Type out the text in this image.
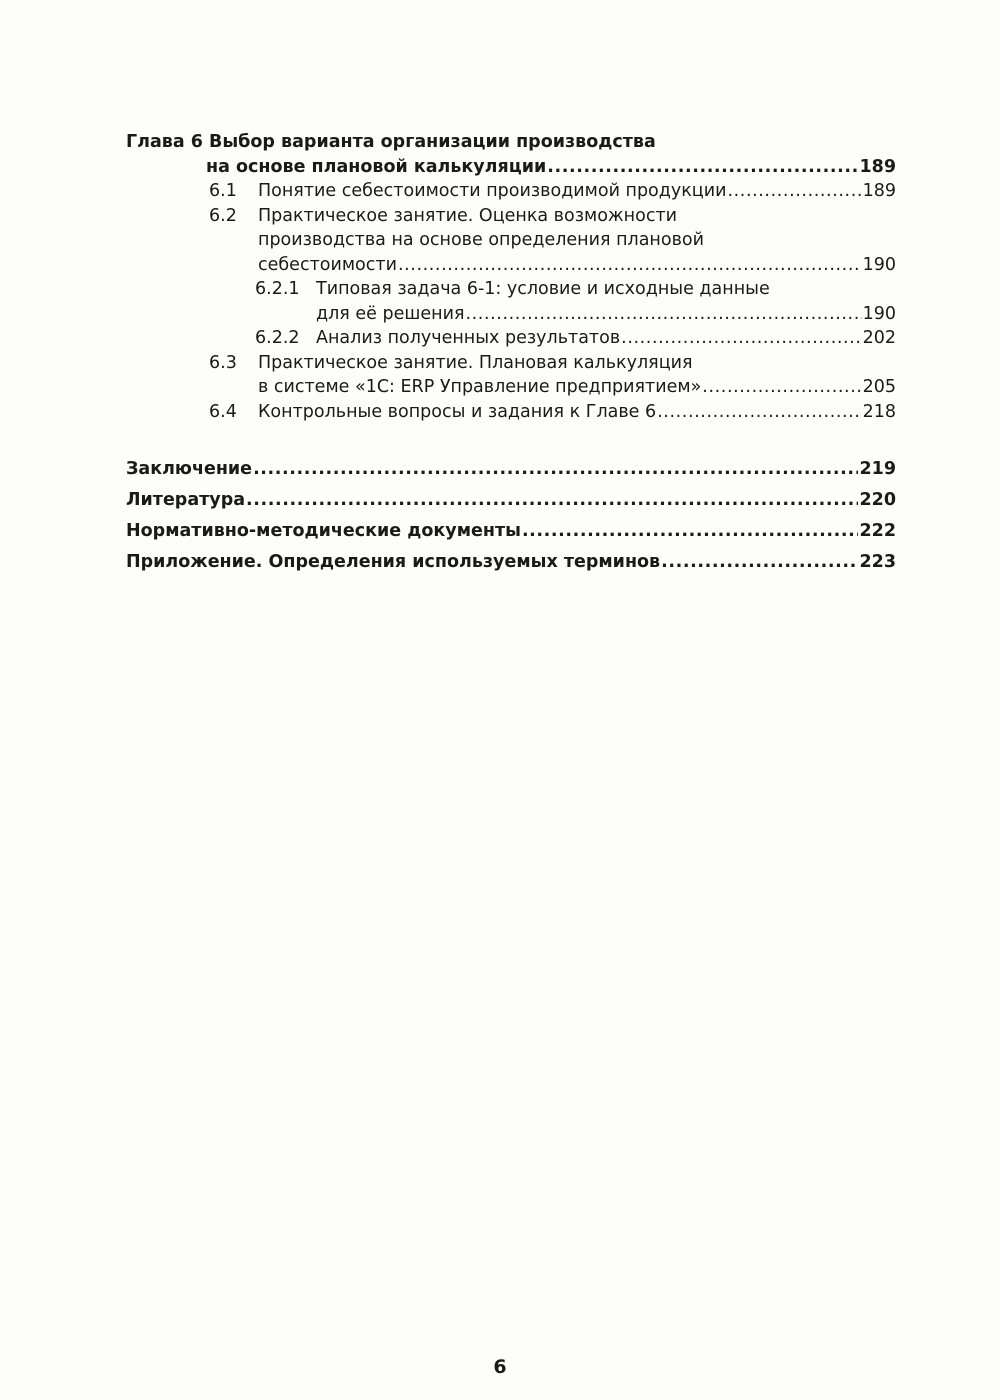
Глава 6 Выбор варианта организации производства
на основе плановой калькуляции .....	189
6.1	Понятие себестоимости производимой продукции .....	189
6.2	Практическое занятие. Оценка возможности
производства на основе определения плановой
себестоимости .....	190
6.2.1 Типовая задача 6-1: условие и исходные данные
для её решения .....	190
6.2.2 Анализ полученных результатов .....	202
6.3	Практическое занятие. Плановая калькуляция
в системе «1С: ERP Управление предприятием» .....	205
6.4	Контрольные вопросы и задания к Главе 6 .....	218
Заключение .....	219
Литература .....	220
Нормативно-методические документы .....	222
Приложение. Определения используемых терминов .....	223
6
